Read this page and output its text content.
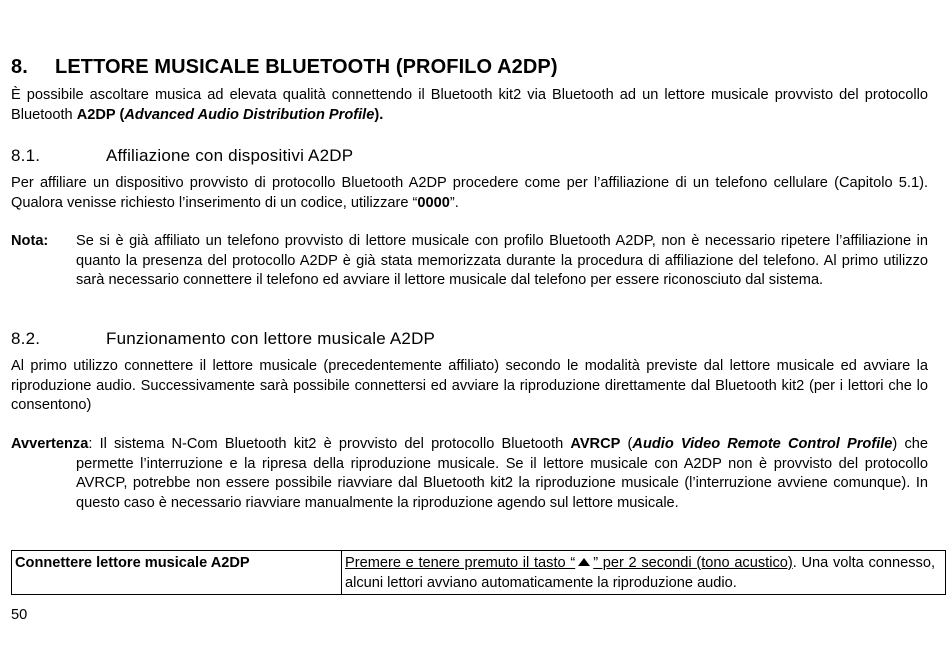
8. LETTORE MUSICALE BLUETOOTH (PROFILO A2DP)

È possibile ascoltare musica ad elevata qualità connettendo il Bluetooth kit2 via Bluetooth ad un lettore musicale provvisto del protocollo Bluetooth A2DP (Advanced Audio Distribution Profile).

8.1.	Affiliazione con dispositivi A2DP

Per affiliare un dispositivo provvisto di protocollo Bluetooth A2DP procedere come per l’affiliazione di un telefono cellulare (Capitolo 5.1). Qualora venisse richiesto l’inserimento di un codice, utilizzare “0000”.

Nota:	Se si è già affiliato un telefono provvisto di lettore musicale con profilo Bluetooth A2DP, non è necessario ripetere l’affiliazione in quanto la presenza del protocollo A2DP è già stata memorizzata durante la procedura di affiliazione del telefono. Al primo utilizzo sarà necessario connettere il telefono ed avviare il lettore musicale dal telefono per essere riconosciuto dal sistema.
8.2.	Funzionamento con lettore musicale A2DP

Al primo utilizzo connettere il lettore musicale (precedentemente affiliato) secondo le modalità previste dal lettore musicale ed avviare la riproduzione audio. Successivamente sarà possibile connettersi ed avviare la riproduzione direttamente dal Bluetooth kit2 (per i lettori che lo consentono)

Avvertenza: Il sistema N-Com Bluetooth kit2 è provvisto del protocollo Bluetooth AVRCP (Audio Video Remote Control Profile) che permette l’interruzione e la ripresa della riproduzione musicale. Se il lettore musicale con A2DP non è provvisto del protocollo AVRCP, potrebbe non essere possibile riavviare dal Bluetooth kit2 la riproduzione musicale (l’interruzione avviene comunque). In questo caso è necessario riavviare manualmente la riproduzione agendo sul lettore musicale.

Connettere lettore musicale A2DP	Premere e tenere premuto il tasto “ ” per 2 secondi (tono acustico). Una volta connesso, alcuni lettori avviano automaticamente la riproduzione audio.
50
